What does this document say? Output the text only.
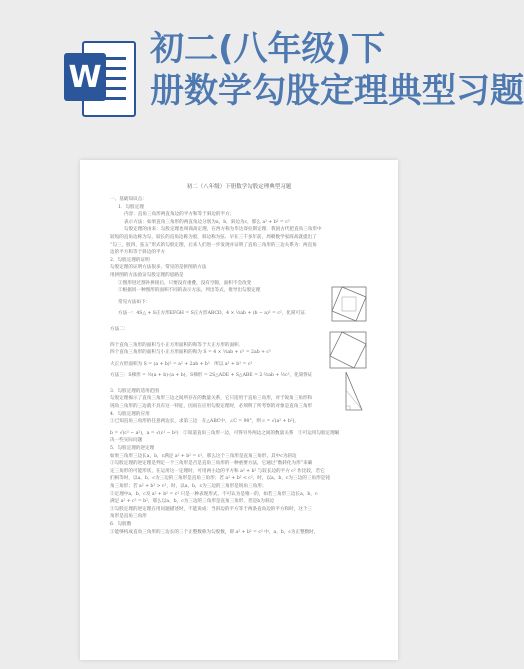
W
初二(八年级)下
册数学勾股定理典型习题
初二（八年级）下册数学勾股定理典型习题

一、基础知识点：

1．勾股定理

内容：直角三角形两直角边的平方和等于斜边的平方；

表示方法：如果直角三角形的两直角边分别为a，b，斜边为c，那么 a² + b² = c²

勾股定理的由来：勾股定理也叫商高定理，在西方称为毕达哥拉斯定理．我国古代把直角三角形中

较短的直角边称为勾，较长的直角边称为股，斜边称为弦．早在三千多年前，周朝数学家商高就提出了

“勾三，股四，弦五”形式的勾股定理，后来人们进一步发现并证明了直角三角形的三边关系为：两直角

边的平方和等于斜边的平方

2．勾股定理的证明

勾股定理的证明方法很多，常见的是拼图的方法

用拼图的方法验证勾股定理的思路是

①图形进过割补拼接后，只要没有重叠，没有空隙，面积不会改变

②根据同一种图形的面积不同的表示方法，列出等式，推导出勾股定理

常见方法如下：

方法一：4S△ + S正方形EFGH = S正方形ABCD，4 × ½ab + (b − a)² = c²，化简可证．

方法二：

四个直角三角形的面积与小正方形面积的和等于大正方形的面积．

四个直角三角形的面积与小正方形面积的和为 S = 4 × ½ab + c² = 2ab + c²

大正方形面积为 S = (a + b)² = a² + 2ab + b²　所以 a² + b² = c²

方法三：S梯形 = ½(a + b)·(a + b)，S梯形 = 2S△ADE + S△ABE = 2·½ab + ½c²，化简得证

3．勾股定理的适用范围

勾股定理揭示了直角三角形三边之间所存在的数量关系，它只适用于直角三角形，对于锐角三角形和

钝角三角形的三边就不具有这一特征，因而在应用勾股定理时，必须明了所考察的对象是直角三角形

4．勾股定理的应用

①已知直角三角形的任意两边长，求第三边　在△ABC中，∠C = 90°，则 c = √(a² + b²)，

b = √(c² − a²)，a = √(c² − b²)　②知道直角三角形一边，可得另外两边之间的数量关系　③可运用勾股定理解

决一些实际问题

5．勾股定理的逆定理

如果三角形三边长a，b，c满足 a² + b² = c²，那么这个三角形是直角三角形，其中c为斜边

①勾股定理的逆定理是判定一个三角形是否是直角三角形的一种重要方法，它通过“数转化为形”来确

定三角形的可能形状，在运用这一定理时，可用两小边的平方和 a² + b² 与较长边的平方 c² 作比较，若它

们相等时，以a，b，c为三边的三角形是直角三角形；若 a² + b² < c²，时，以a，b，c为三边的三角形是钝

角三角形；若 a² + b² > c²，时，以a，b，c为三边的三角形是锐角三角形；

②定理中a，b，c及 a² + b² = c² 只是一种表现形式，不可认为是唯一的，如若三角形三边长a，b，c

满足 a² + c² = b²，那么以a，b，c为三边的三角形是直角三角形，但是b为斜边

③勾股定理的逆定理在用问题描述时，不能说成：当斜边的平方等于两条直角边的平方和时，这个三

角形是直角三角形

6．勾股数

①能够构成直角三角形的三边长的三个正整数称为勾股数，即 a² + b² = c² 中，a，b，c为正整数时，
